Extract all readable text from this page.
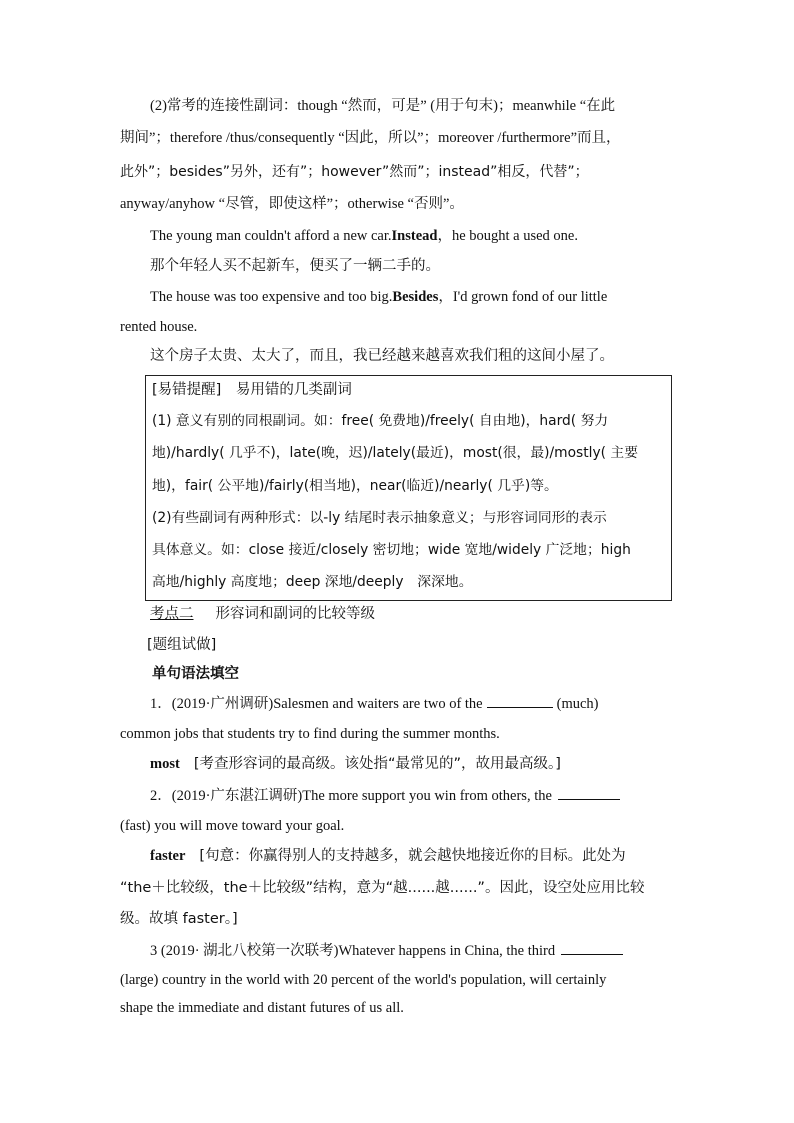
(2)常考的连接性副词：though “然而，可是” (用于句末)；meanwhile “在此
期间”；therefore /thus/consequently “因此，所以”；moreover /furthermore”而且，
此外”；besides”另外，还有”；however”然而”；instead”相反，代替”；
anyway/anyhow “尽管，即使这样”；otherwise “否则”。
The young man couldn't afford a new car.Instead，he bought a used one.
那个年轻人买不起新车，便买了一辆二手的。
The house was too expensive and too big.Besides，I'd grown fond of our little
rented house.
这个房子太贵、太大了，而且，我已经越来越喜欢我们租的这间小屋了。
[易错提醒]　易用错的几类副词
(1) 意义有别的同根副词。如：free( 免费地)/freely( 自由地)，hard( 努力
地)/hardly( 几乎不)，late(晚，迟)/lately(最近)，most(很，最)/mostly( 主要
地)，fair( 公平地)/fairly(相当地)，near(临近)/nearly( 几乎)等。
(2)有些副词有两种形式：以-ly 结尾时表示抽象意义；与形容词同形的表示
具体意义。如：close 接近/closely 密切地；wide 宽地/widely 广泛地；high
高地/highly 高度地；deep 深地/deeply　深深地。
考点二 形容词和副词的比较等级
[题组试做]
单句语法填空
1．(2019·广州调研)Salesmen and waiters are two of the	(much)
common jobs that students try to find during the summer months.
most [考查形容词的最高级。该处指“最常见的”，故用最高级。]
2．(2019·广东湛江调研)The more support you win from others, the
(fast) you will move toward your goal.
faster [句意：你赢得别人的支持越多，就会越快地接近你的目标。此处为
“the＋比较级，the＋比较级”结构，意为“越......越......”。因此，设空处应用比较
级。故填 faster。]
3 (2019· 湖北八校第一次联考)Whatever happens in China, the third
(large) country in the world with 20 percent of the world's population, will certainly
shape the immediate and distant futures of us all.
